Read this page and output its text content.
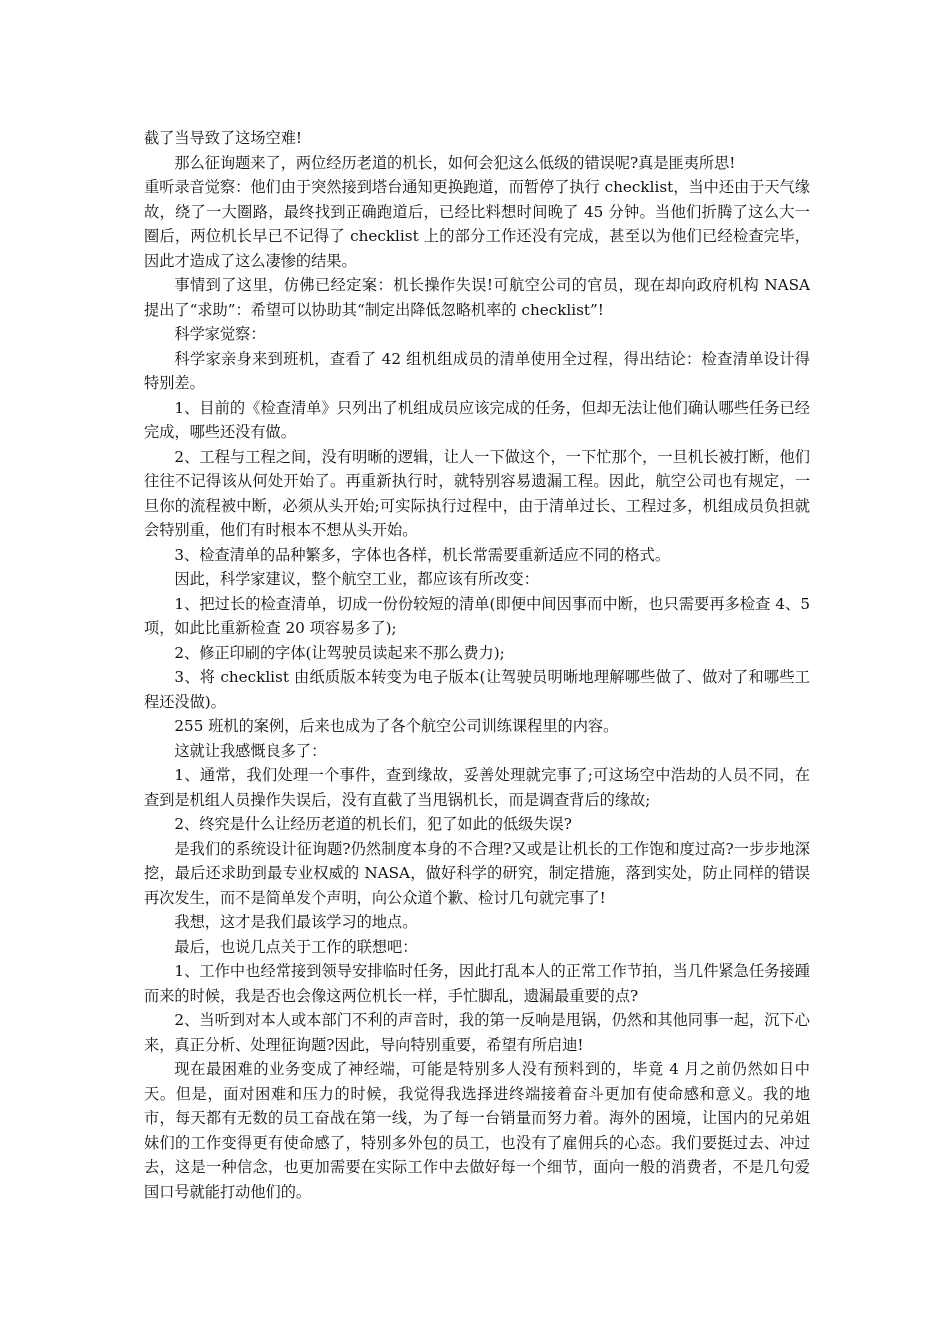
截了当导致了这场空难!

那么征询题来了，两位经历老道的机长，如何会犯这么低级的错误呢?真是匪夷所思!

重听录音觉察：他们由于突然接到塔台通知更换跑道，而暂停了执行 checklist，当中还由于天气缘故，绕了一大圈路，最终找到正确跑道后，已经比料想时间晚了 45 分钟。当他们折腾了这么大一圈后，两位机长早已不记得了 checklist 上的部分工作还没有完成，甚至以为他们已经检查完毕，因此才造成了这么凄惨的结果。

事情到了这里，仿佛已经定案：机长操作失误!可航空公司的官员，现在却向政府机构 NASA 提出了“求助”：希望可以协助其“制定出降低忽略机率的 checklist”!

科学家觉察：

科学家亲身来到班机，查看了 42 组机组成员的清单使用全过程，得出结论：检查清单设计得特别差。

1、目前的《检查清单》只列出了机组成员应该完成的任务，但却无法让他们确认哪些任务已经完成，哪些还没有做。

2、工程与工程之间，没有明晰的逻辑，让人一下做这个，一下忙那个，一旦机长被打断，他们往往不记得该从何处开始了。再重新执行时，就特别容易遗漏工程。因此，航空公司也有规定，一旦你的流程被中断，必须从头开始;可实际执行过程中，由于清单过长、工程过多，机组成员负担就会特别重，他们有时根本不想从头开始。

3、检查清单的品种繁多，字体也各样，机长常需要重新适应不同的格式。

因此，科学家建议，整个航空工业，都应该有所改变：

1、把过长的检查清单，切成一份份较短的清单(即便中间因事而中断，也只需要再多检查 4、5 项，如此比重新检查 20 项容易多了);

2、修正印刷的字体(让驾驶员读起来不那么费力);

3、将 checklist 由纸质版本转变为电子版本(让驾驶员明晰地理解哪些做了、做对了和哪些工程还没做)。

255 班机的案例，后来也成为了各个航空公司训练课程里的内容。

这就让我感慨良多了：

1、通常，我们处理一个事件，查到缘故，妥善处理就完事了;可这场空中浩劫的人员不同，在查到是机组人员操作失误后，没有直截了当甩锅机长，而是调查背后的缘故;

2、终究是什么让经历老道的机长们，犯了如此的低级失误?

是我们的系统设计征询题?仍然制度本身的不合理?又或是让机长的工作饱和度过高?一步步地深挖，最后还求助到最专业权威的 NASA，做好科学的研究，制定措施，落到实处，防止同样的错误再次发生，而不是简单发个声明，向公众道个歉、检讨几句就完事了!

我想，这才是我们最该学习的地点。

最后，也说几点关于工作的联想吧：

1、工作中也经常接到领导安排临时任务，因此打乱本人的正常工作节拍，当几件紧急任务接踵而来的时候，我是否也会像这两位机长一样，手忙脚乱，遗漏最重要的点?

2、当听到对本人或本部门不利的声音时，我的第一反响是甩锅，仍然和其他同事一起，沉下心来，真正分析、处理征询题?因此，导向特别重要，希望有所启迪!

现在最困难的业务变成了神经端，可能是特别多人没有预料到的，毕竟 4 月之前仍然如日中天。但是，面对困难和压力的时候，我觉得我选择进终端接着奋斗更加有使命感和意义。我的地市，每天都有无数的员工奋战在第一线，为了每一台销量而努力着。海外的困境，让国内的兄弟姐妹们的工作变得更有使命感了，特别多外包的员工，也没有了雇佣兵的心态。我们要挺过去、冲过去，这是一种信念，也更加需要在实际工作中去做好每一个细节，面向一般的消费者，不是几句爱国口号就能打动他们的。
